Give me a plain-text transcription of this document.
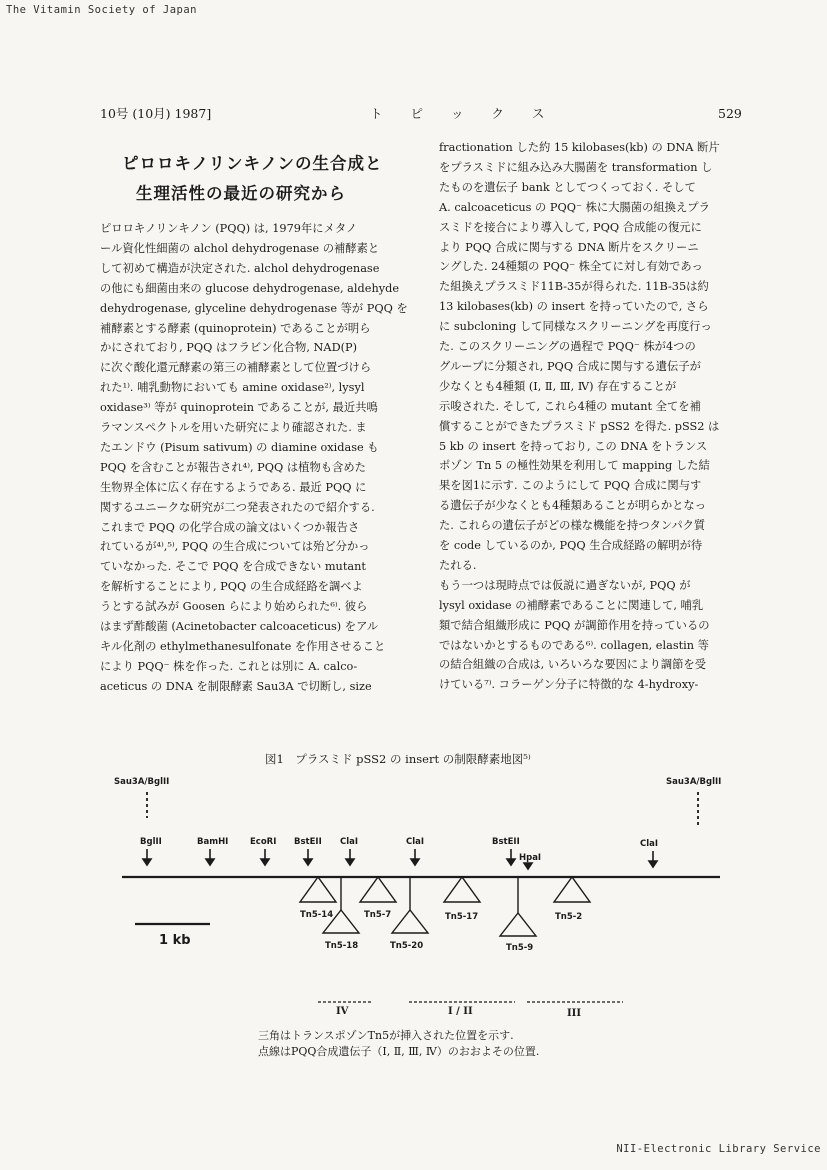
The Vitamin Society of Japan
10号 (10月) 1987]	ト ピ ッ ク ス	529
ピロロキノリンキノンの生合成と
生理活性の最近の研究から
ピロロキノリンキノン (PQQ) は, 1979年にメタノ
ール資化性細菌の alchol dehydrogenase の補酵素と
して初めて構造が決定された. alchol dehydrogenase
の他にも細菌由来の glucose dehydrogenase, aldehyde
dehydrogenase, glyceline dehydrogenase 等が PQQ を
補酵素とする酵素 (quinoprotein) であることが明ら
かにされており, PQQ はフラビン化合物, NAD(P)
に次ぐ酸化還元酵素の第三の補酵素として位置づけら
れた¹⁾. 哺乳動物においても amine oxidase²⁾, lysyl
oxidase³⁾ 等が quinoprotein であることが, 最近共鳴
ラマンスペクトルを用いた研究により確認された. ま
たエンドウ (Pisum sativum) の diamine oxidase も
PQQ を含むことが報告され⁴⁾, PQQ は植物も含めた
生物界全体に広く存在するようである. 最近 PQQ に
関するユニークな研究が二つ発表されたので紹介する.
これまで PQQ の化学合成の論文はいくつか報告さ
れているが⁴⁾,⁵⁾, PQQ の生合成については殆ど分かっ
ていなかった. そこで PQQ を合成できない mutant
を解析することにより, PQQ の生合成経路を調べよ
うとする試みが Goosen らにより始められた⁶⁾. 彼ら
はまず酢酸菌 (Acinetobacter calcoaceticus) をアル
キル化剤の ethylmethanesulfonate を作用させること
により PQQ⁻ 株を作った. これとは別に A. calco-
aceticus の DNA を制限酵素 Sau3A で切断し, size
fractionation した約 15 kilobases(kb) の DNA 断片
をプラスミドに組み込み大腸菌を transformation し
たものを遺伝子 bank としてつくっておく. そして
A. calcoaceticus の PQQ⁻ 株に大腸菌の組換えプラ
スミドを接合により導入して, PQQ 合成能の復元に
より PQQ 合成に関与する DNA 断片をスクリーニ
ングした. 24種類の PQQ⁻ 株全てに対し有効であっ
た組換えプラスミド11B-35が得られた. 11B-35は約
13 kilobases(kb) の insert を持っていたので, さら
に subcloning して同様なスクリーニングを再度行っ
た. このスクリーニングの過程で PQQ⁻ 株が4つの
グループに分類され, PQQ 合成に関与する遺伝子が
少なくとも4種類 (Ⅰ, Ⅱ, Ⅲ, Ⅳ) 存在することが
示唆された. そして, これら4種の mutant 全てを補
償することができたプラスミド pSS2 を得た. pSS2 は
5 kb の insert を持っており, この DNA をトランス
ポゾン Tn 5 の極性効果を利用して mapping した結
果を図1に示す. このようにして PQQ 合成に関与す
る遺伝子が少なくとも4種類あることが明らかとなっ
た. これらの遺伝子がどの様な機能を持つタンパク質
を code しているのか, PQQ 生合成経路の解明が待
たれる.
もう一つは現時点では仮説に過ぎないが, PQQ が
lysyl oxidase の補酵素であることに関連して, 哺乳
類で結合組織形成に PQQ が調節作用を持っているの
ではないかとするものである⁶⁾. collagen, elastin 等
の結合組織の合成は, いろいろな要因により調節を受
けている⁷⁾. コラーゲン分子に特徴的な 4-hydroxy-
図1　プラスミド pSS2 の insert の制限酵素地図⁵⁾
Sau3A/BglII	Sau3A/BglII
BglII	BamHI	EcoRI BstEII ClaI	ClaI	BstEII
HpaI
ClaI
Tn5-14	Tn5-7	Tn5-17	Tn5-2
Tn5-18	Tn5-20	Tn5-9
1 kb
IV	I / II	III
三角はトランスポゾンTn5が挿入された位置を示す.
点線はPQQ合成遺伝子（Ⅰ, Ⅱ, Ⅲ, Ⅳ）のおおよその位置.
NII-Electronic Library Service
